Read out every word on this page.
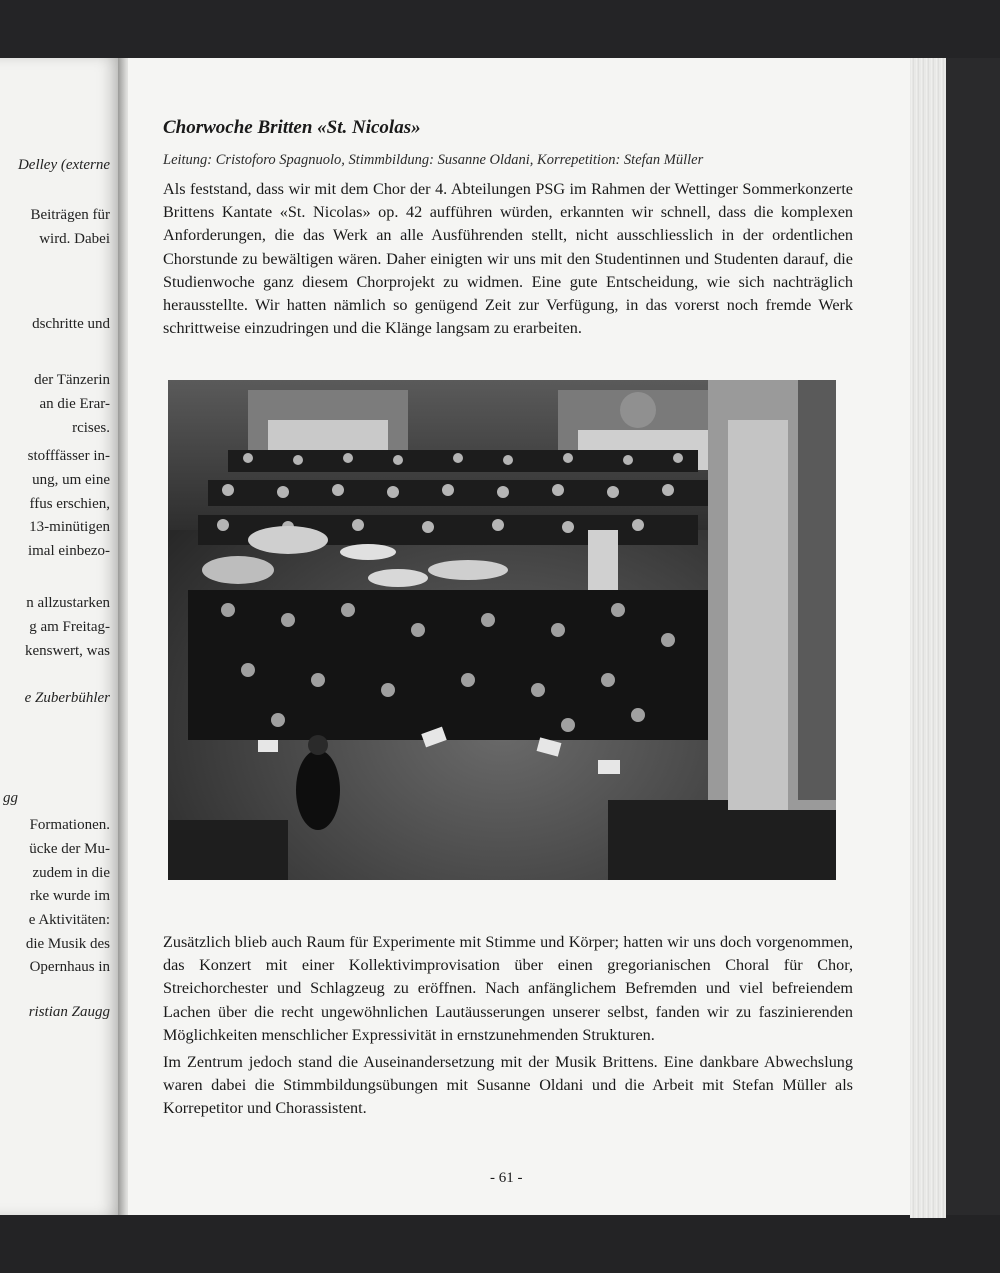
Delley (externe
Beiträgen für
wird. Dabei
dschritte und
der Tänzerin
an die Erar-
rcises.
stofffässer in-
ung, um eine
ffus erschien,
13-minütigen
imal einbezo-
n allzustarken
g am Freitag-
kenswert, was
e Zuberbühler
gg
Formationen.
ücke der Mu-
zudem in die
rke wurde im
e Aktivitäten:
die Musik des
Opernhaus in
ristian Zaugg
Chorwoche Britten «St. Nicolas»
Leitung: Cristoforo Spagnuolo, Stimmbildung: Susanne Oldani, Korrepetition: Stefan Müller

Als feststand, dass wir mit dem Chor der 4. Abteilungen PSG im Rahmen der Wettinger Sommerkonzerte Brittens Kantate «St. Nicolas» op. 42 aufführen würden, erkannten wir schnell, dass die komplexen Anforderungen, die das Werk an alle Ausführenden stellt, nicht ausschliesslich in der ordentlichen Chorstunde zu bewältigen wären. Daher einigten wir uns mit den Studentinnen und Studenten darauf, die Studienwoche ganz diesem Chorprojekt zu widmen. Eine gute Entscheidung, wie sich nachträglich herausstellte. Wir hatten nämlich so genügend Zeit zur Verfügung, in das vorerst noch fremde Werk schrittweise einzudringen und die Klänge langsam zu erarbeiten.

Zusätzlich blieb auch Raum für Experimente mit Stimme und Körper; hatten wir uns doch vorgenommen, das Konzert mit einer Kollektivimprovisation über einen gregorianischen Choral für Chor, Streichorchester und Schlagzeug zu eröffnen. Nach anfänglichem Befremden und viel befreiendem Lachen über die recht ungewöhnlichen Lautäusserungen unserer selbst, fanden wir zu faszinierenden Möglichkeiten menschlicher Expressivität in ernstzunehmenden Strukturen.

Im Zentrum jedoch stand die Auseinandersetzung mit der Musik Brittens. Eine dankbare Abwechslung waren dabei die Stimmbildungsübungen mit Susanne Oldani und die Arbeit mit Stefan Müller als Korrepetitor und Chorassistent.

- 61 -
